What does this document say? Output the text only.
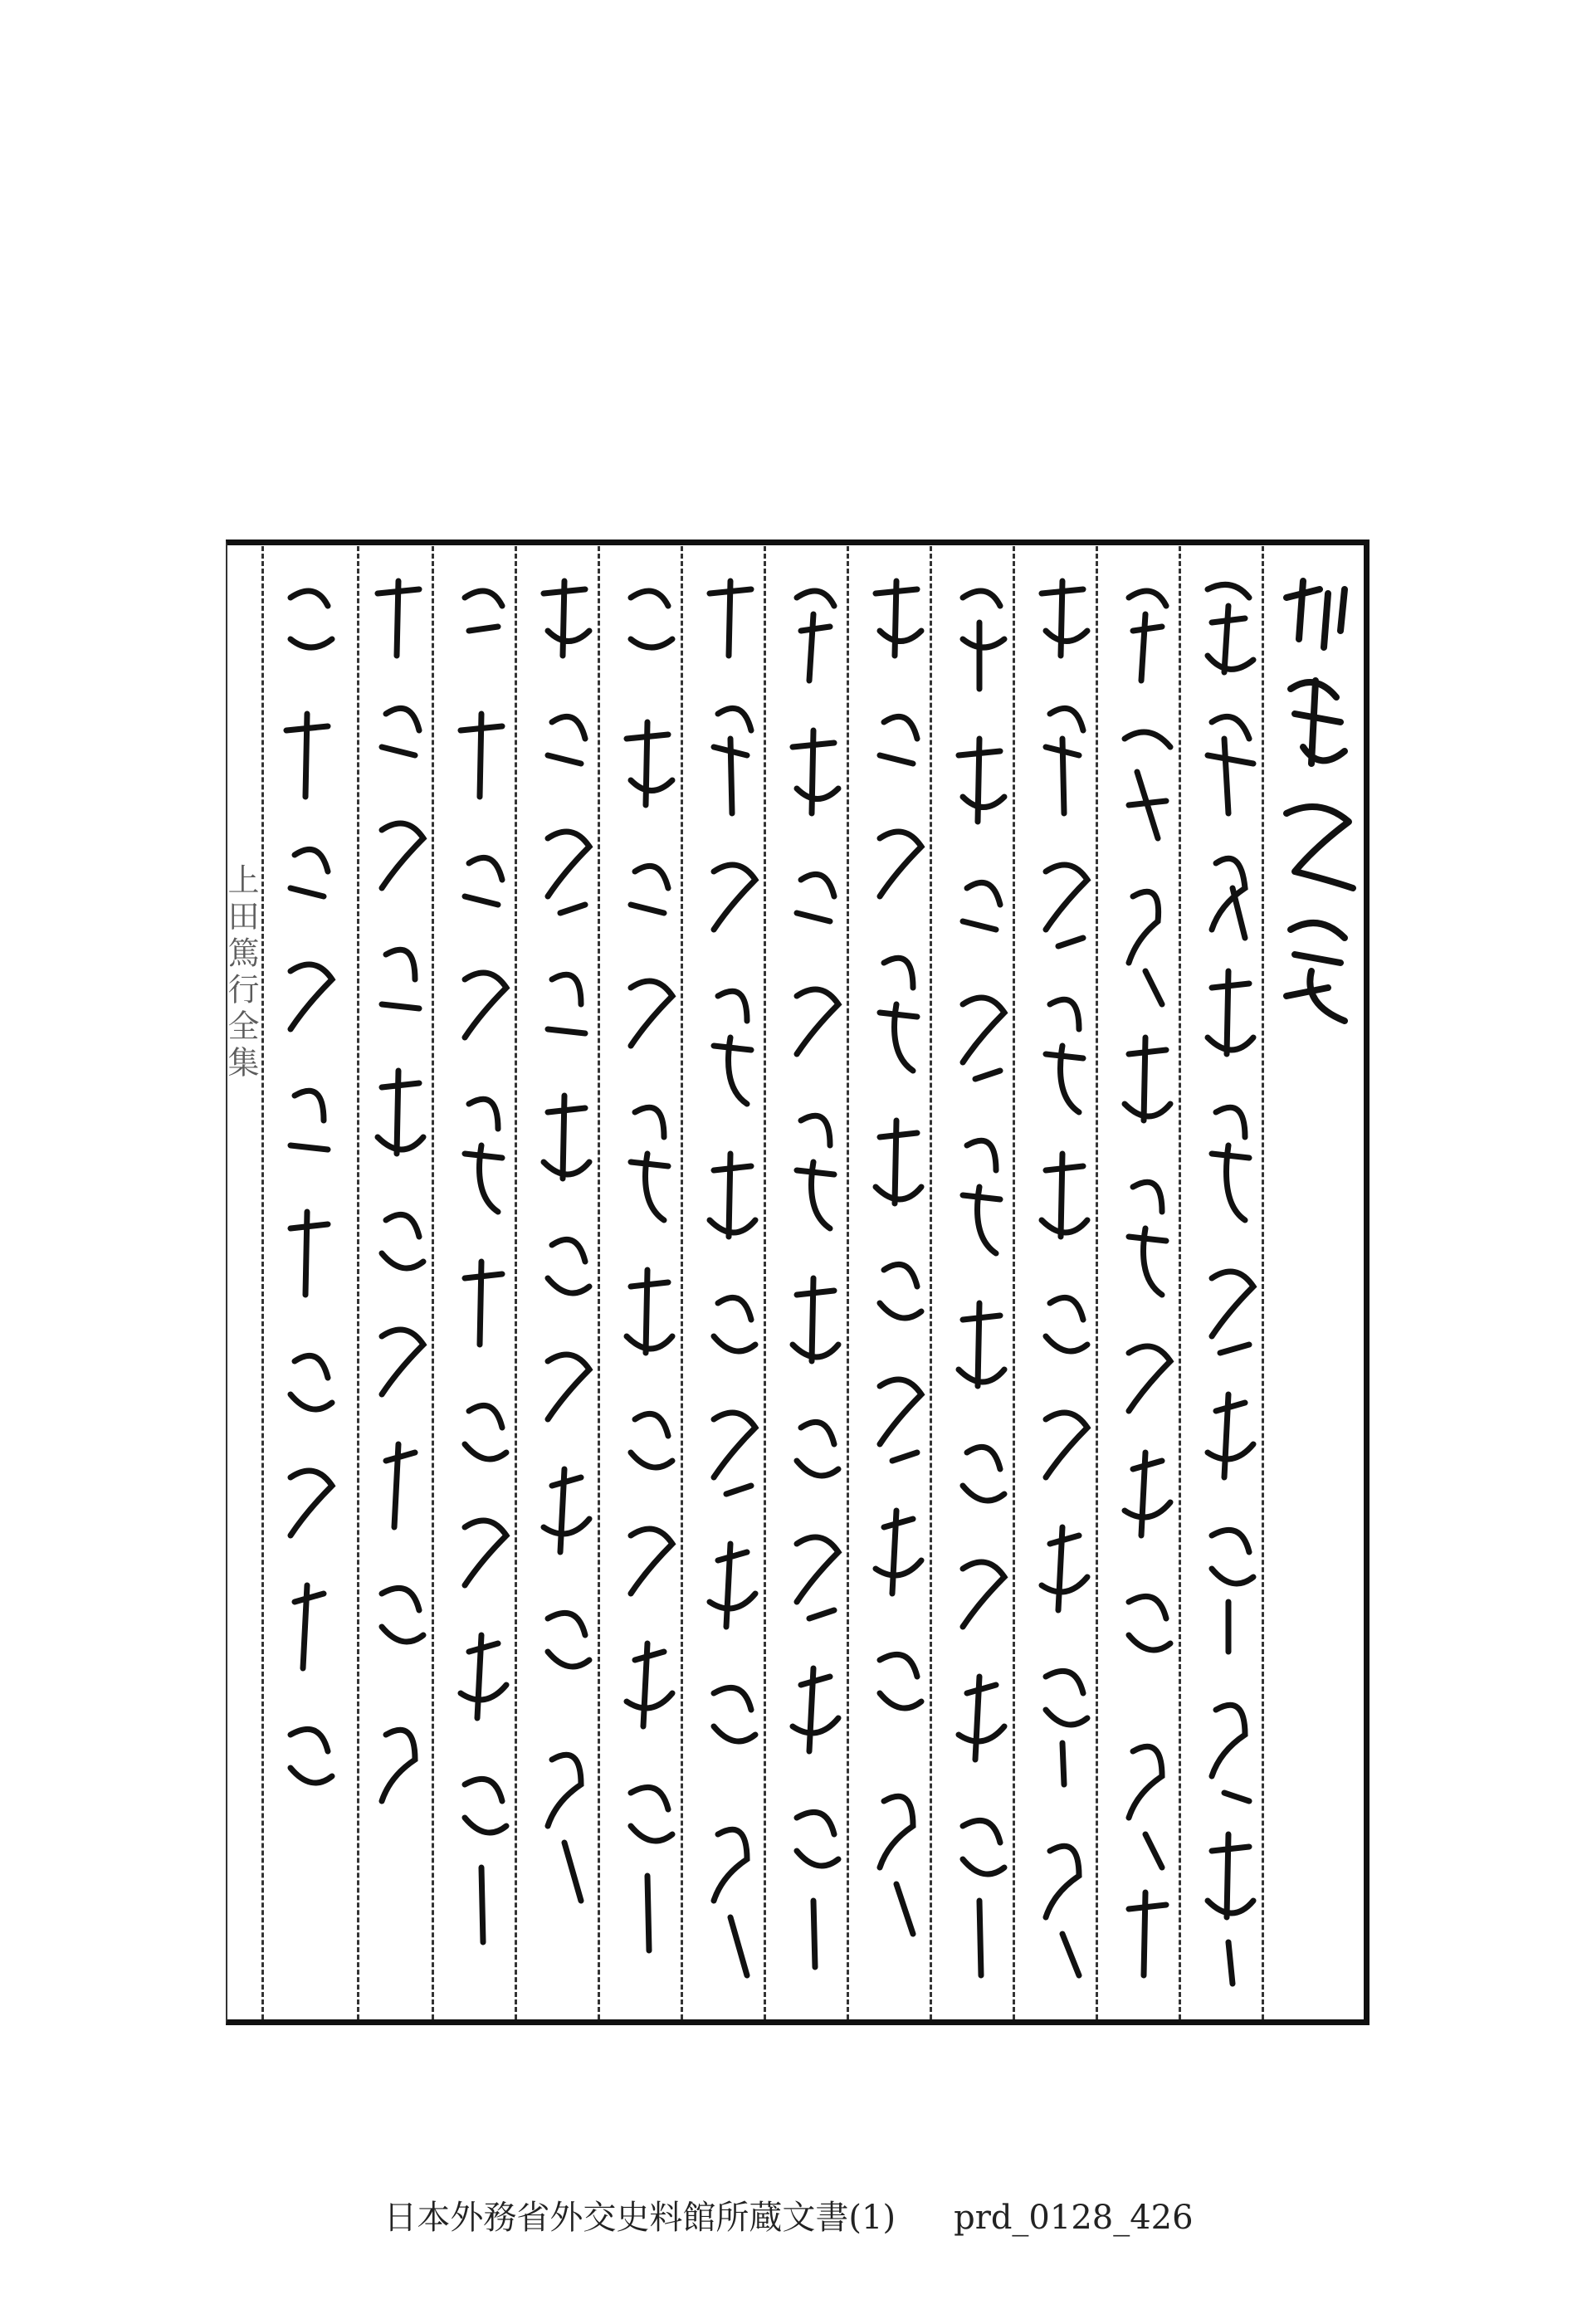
上田篤行全集
日本外務省外交史料館所蔵文書(1) prd_0128_426
